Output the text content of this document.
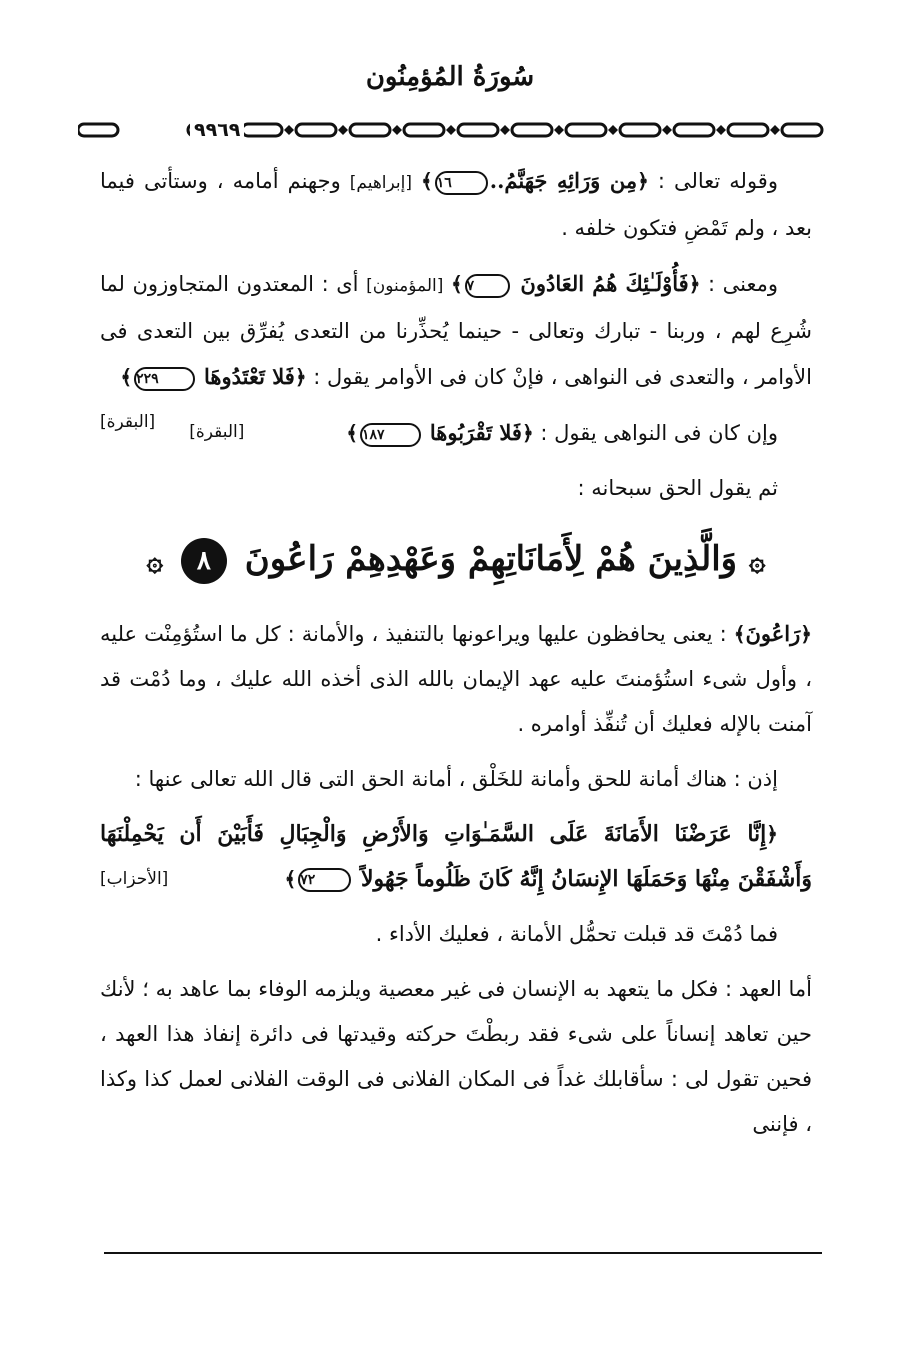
سُورَةُ المُؤمِنُون
٩٩٦٩

وقوله تعالى : ﴿مِن وَرَائِهِ جَهَنَّمُ..١٦﴾ [إبراهيم] وجهنم أمامه ، وستأتى فيما بعد ، ولم تَمْضِ فتكون خلفه .

ومعنى : ﴿فَأُوْلَـٰئِكَ هُمُ العَادُونَ ٧﴾ [المؤمنون] أى : المعتدون المتجاوزون لما شُرِع لهم ، وربنا - تبارك وتعالى - حينما يُحذِّرنا من التعدى يُفرِّق بين التعدى فى الأوامر ، والتعدى فى النواهى ، فإنْ كان فى الأوامر يقول : ﴿فَلا تَعْتَدُوهَا ٢٢٩﴾
[البقرة]	وإن كان فى النواهى يقول : ﴿فَلا تَقْرَبُوهَا ١٨٧﴾
[البقرة]

ثم يقول الحق سبحانه :

۞ وَالَّذِينَ هُمْ لِأَمَانَاتِهِمْ وَعَهْدِهِمْ رَاعُونَ ٨ ۞

﴿رَاعُونَ﴾ : يعنى يحافظون عليها ويراعونها بالتنفيذ ، والأمانة : كل ما استُؤمِنْت عليه ، وأول شىء استُؤمنتَ عليه عهد الإيمان بالله الذى أخذه الله عليك ، وما دُمْت قد آمنت بالإله فعليك أن تُنفِّذ أوامره .

إذن : هناك أمانة للحق وأمانة للخَلْق ، أمانة الحق التى قال الله تعالى عنها :

﴿إِنَّا عَرَضْنَا الأَمَانَةَ عَلَى السَّمَـٰوَاتِ وَالأَرْضِ وَالْجِبَالِ فَأَبَيْنَ أَن يَحْمِلْنَهَا وَأَشْفَقْنَ مِنْهَا وَحَمَلَهَا الإِنسَانُ إِنَّهُ كَانَ ظَلُوماً جَهُولاً ٧٢﴾
[الأحزاب]

فما دُمْتَ قد قبلت تحمُّل الأمانة ، فعليك الأداء .

أما العهد : فكل ما يتعهد به الإنسان فى غير معصية ويلزمه الوفاء بما عاهد به ؛ لأنك حين تعاهد إنساناً على شىء فقد ربطْتَ حركته وقيدتها فى دائرة إنفاذ هذا العهد ، فحين تقول لى : سأقابلك غداً فى المكان الفلانى فى الوقت الفلانى لعمل كذا وكذا ، فإننى
